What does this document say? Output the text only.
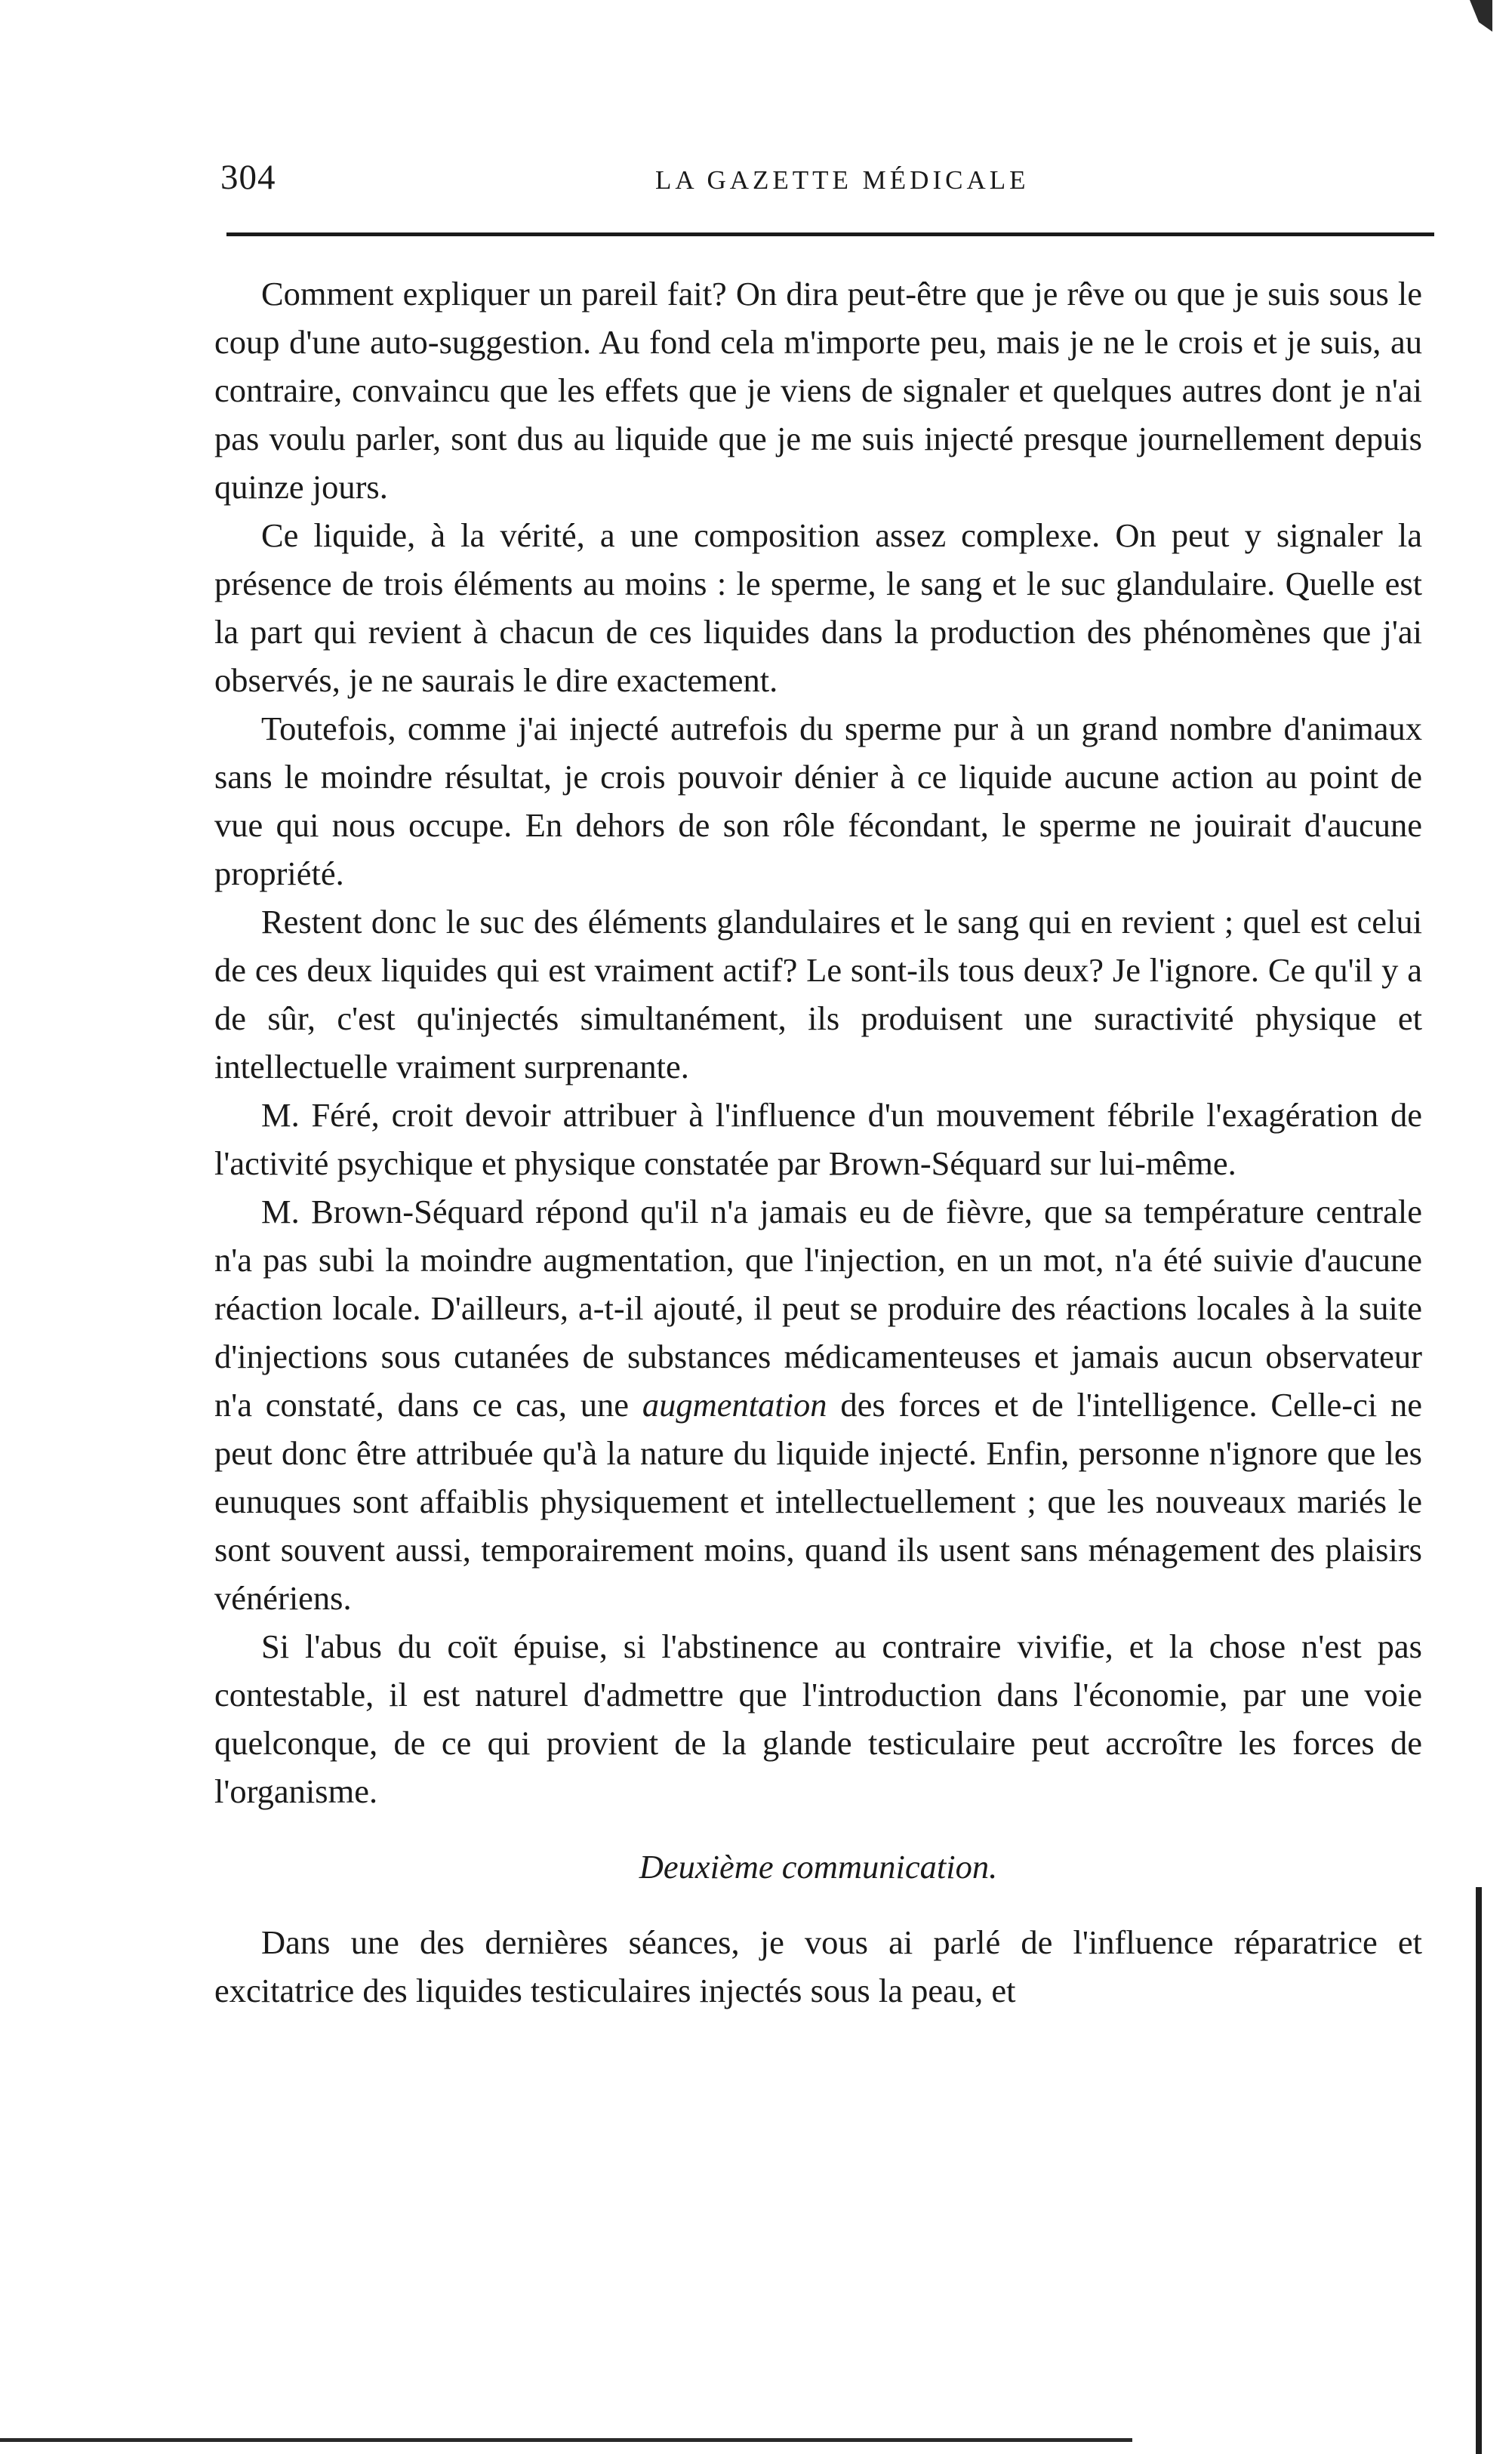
304	LA GAZETTE MÉDICALE

Comment expliquer un pareil fait? On dira peut-être que je rêve ou que je suis sous le coup d'une auto-suggestion. Au fond cela m'importe peu, mais je ne le crois et je suis, au contraire, convaincu que les effets que je viens de signaler et quelques autres dont je n'ai pas voulu parler, sont dus au liquide que je me suis injecté presque journellement depuis quinze jours.

Ce liquide, à la vérité, a une composition assez complexe. On peut y signaler la présence de trois éléments au moins : le sperme, le sang et le suc glandulaire. Quelle est la part qui revient à chacun de ces liquides dans la production des phénomènes que j'ai observés, je ne saurais le dire exactement.

Toutefois, comme j'ai injecté autrefois du sperme pur à un grand nombre d'animaux sans le moindre résultat, je crois pouvoir dénier à ce liquide aucune action au point de vue qui nous occupe. En dehors de son rôle fécondant, le sperme ne jouirait d'aucune propriété.

Restent donc le suc des éléments glandulaires et le sang qui en revient ; quel est celui de ces deux liquides qui est vraiment actif? Le sont-ils tous deux? Je l'ignore. Ce qu'il y a de sûr, c'est qu'injectés simultanément, ils produisent une suractivité physique et intellectuelle vraiment surprenante.

M. Féré, croit devoir attribuer à l'influence d'un mouvement fébrile l'exagération de l'activité psychique et physique constatée par Brown-Séquard sur lui-même.

M. Brown-Séquard répond qu'il n'a jamais eu de fièvre, que sa température centrale n'a pas subi la moindre augmentation, que l'injection, en un mot, n'a été suivie d'aucune réaction locale. D'ailleurs, a-t-il ajouté, il peut se produire des réactions locales à la suite d'injections sous cutanées de substances médicamenteuses et jamais aucun observateur n'a constaté, dans ce cas, une augmentation des forces et de l'intelligence. Celle-ci ne peut donc être attribuée qu'à la nature du liquide injecté. Enfin, personne n'ignore que les eunuques sont affaiblis physiquement et intellectuellement ; que les nouveaux mariés le sont souvent aussi, temporairement moins, quand ils usent sans ménagement des plaisirs vénériens.

Si l'abus du coït épuise, si l'abstinence au contraire vivifie, et la chose n'est pas contestable, il est naturel d'admettre que l'introduction dans l'économie, par une voie quelconque, de ce qui provient de la glande testiculaire peut accroître les forces de l'organisme.

Deuxième communication.

Dans une des dernières séances, je vous ai parlé de l'influence réparatrice et excitatrice des liquides testiculaires injectés sous la peau, et
